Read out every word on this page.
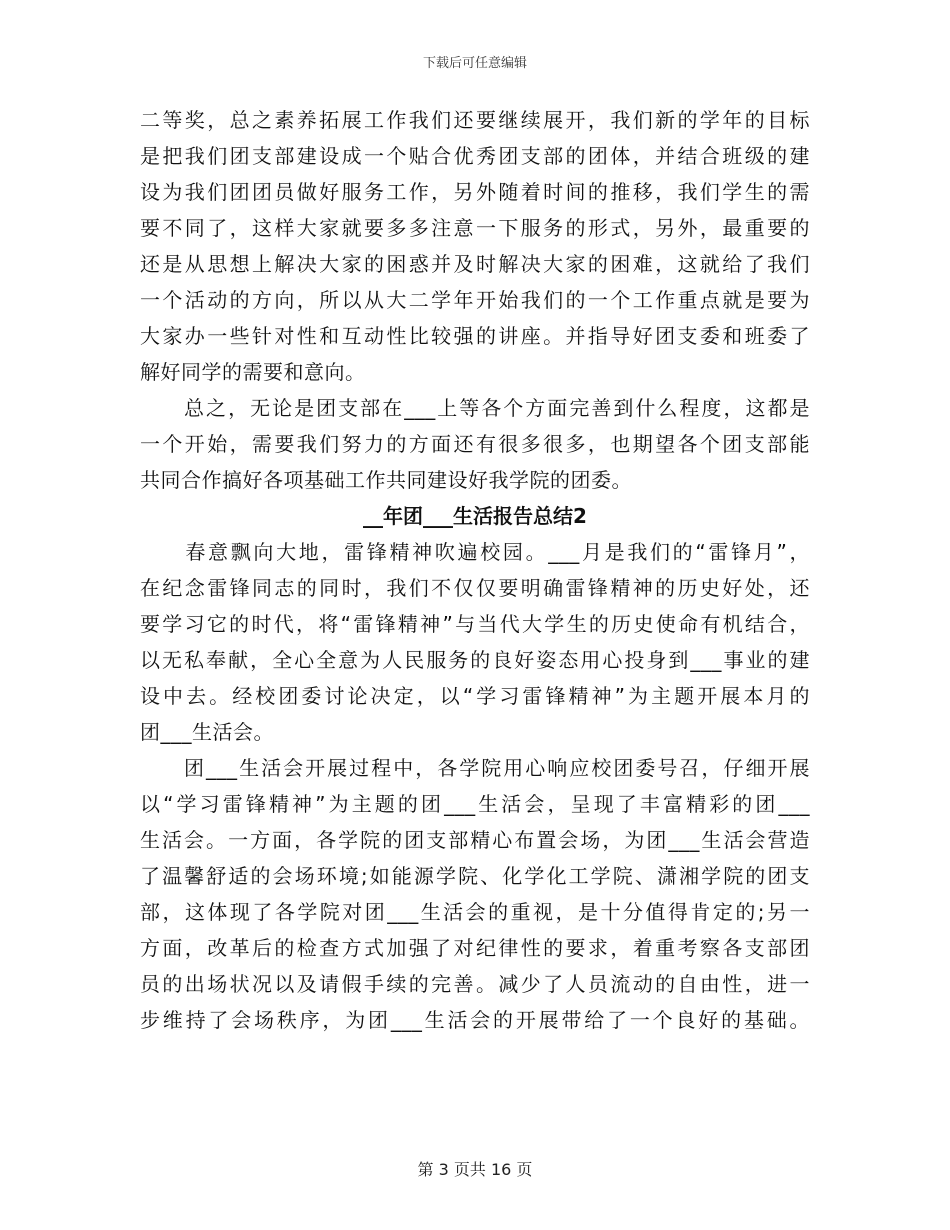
下载后可任意编辑
二等奖，总之素养拓展工作我们还要继续展开，我们新的学年的目标
是把我们团支部建设成一个贴合优秀团支部的团体，并结合班级的建
设为我们团团员做好服务工作，另外随着时间的推移，我们学生的需
要不同了，这样大家就要多多注意一下服务的形式，另外，最重要的
还是从思想上解决大家的困惑并及时解决大家的困难，这就给了我们
一个活动的方向，所以从大二学年开始我们的一个工作重点就是要为
大家办一些针对性和互动性比较强的讲座。并指导好团支委和班委了
解好同学的需要和意向。
　　总之，无论是团支部在___上等各个方面完善到什么程度，这都是
一个开始，需要我们努力的方面还有很多很多，也期望各个团支部能
共同合作搞好各项基础工作共同建设好我学院的团委。
__年团___生活报告总结2
　　春意飘向大地，雷锋精神吹遍校园。___月是我们的“雷锋月”，
在纪念雷锋同志的同时，我们不仅仅要明确雷锋精神的历史好处，还
要学习它的时代，将“雷锋精神”与当代大学生的历史使命有机结合，
以无私奉献，全心全意为人民服务的良好姿态用心投身到___事业的建
设中去。经校团委讨论决定，以“学习雷锋精神”为主题开展本月的
团___生活会。
　　团___生活会开展过程中，各学院用心响应校团委号召，仔细开展
以“学习雷锋精神”为主题的团___生活会，呈现了丰富精彩的团___
生活会。一方面，各学院的团支部精心布置会场，为团___生活会营造
了温馨舒适的会场环境;如能源学院、化学化工学院、潇湘学院的团支
部，这体现了各学院对团___生活会的重视，是十分值得肯定的;另一
方面，改革后的检查方式加强了对纪律性的要求，着重考察各支部团
员的出场状况以及请假手续的完善。减少了人员流动的自由性，进一
步维持了会场秩序，为团___生活会的开展带给了一个良好的基础。
第 3 页共 16 页
